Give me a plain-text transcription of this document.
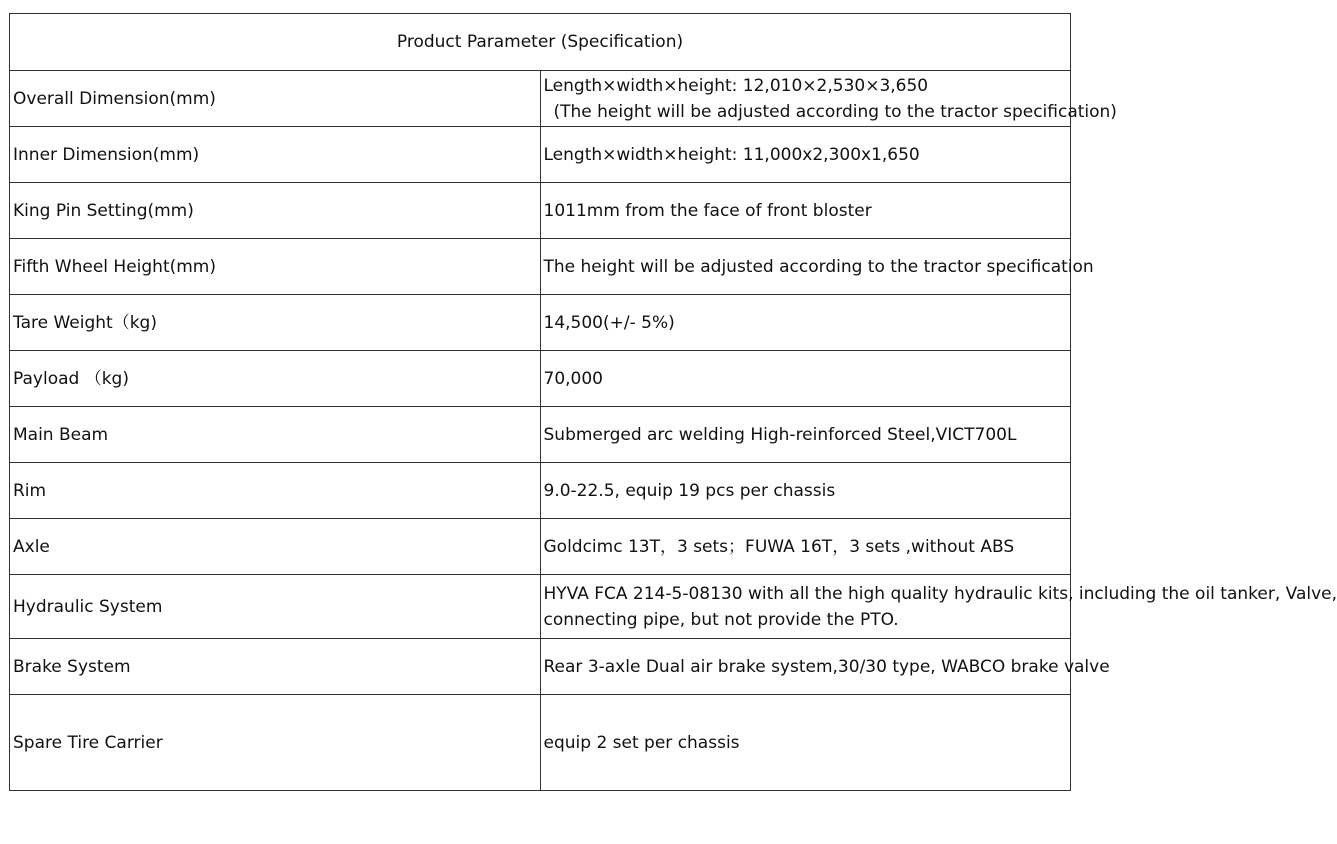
Product Parameter (Specification)	
Overall Dimension(mm)	Length×width×height: 12,010×2,530×3,650
(The height will be adjusted according to the tractor specification)

Inner Dimension(mm)	Length×width×height: 11,000x2,300x1,650
King Pin Setting(mm)	1011mm from the face of front bloster
Fifth Wheel Height(mm)	The height will be adjusted according to the tractor specification
Tare Weight（kg)	14,500(+/- 5%)
Payload （kg)	70,000
Main Beam	Submerged arc welding High-reinforced Steel,VICT700L
Rim	9.0-22.5, equip 19 pcs per chassis
Axle	Goldcimc 13T，3 sets；FUWA 16T，3 sets ,without ABS
Hydraulic System	HYVA FCA 214-5-08130 with all the high quality hydraulic kits, including the oil tanker, Valve,
connecting pipe, but not provide the PTO.

Brake System	Rear 3-axle Dual air brake system,30/30 type, WABCO brake valve
Spare Tire Carrier	equip 2 set per chassis
